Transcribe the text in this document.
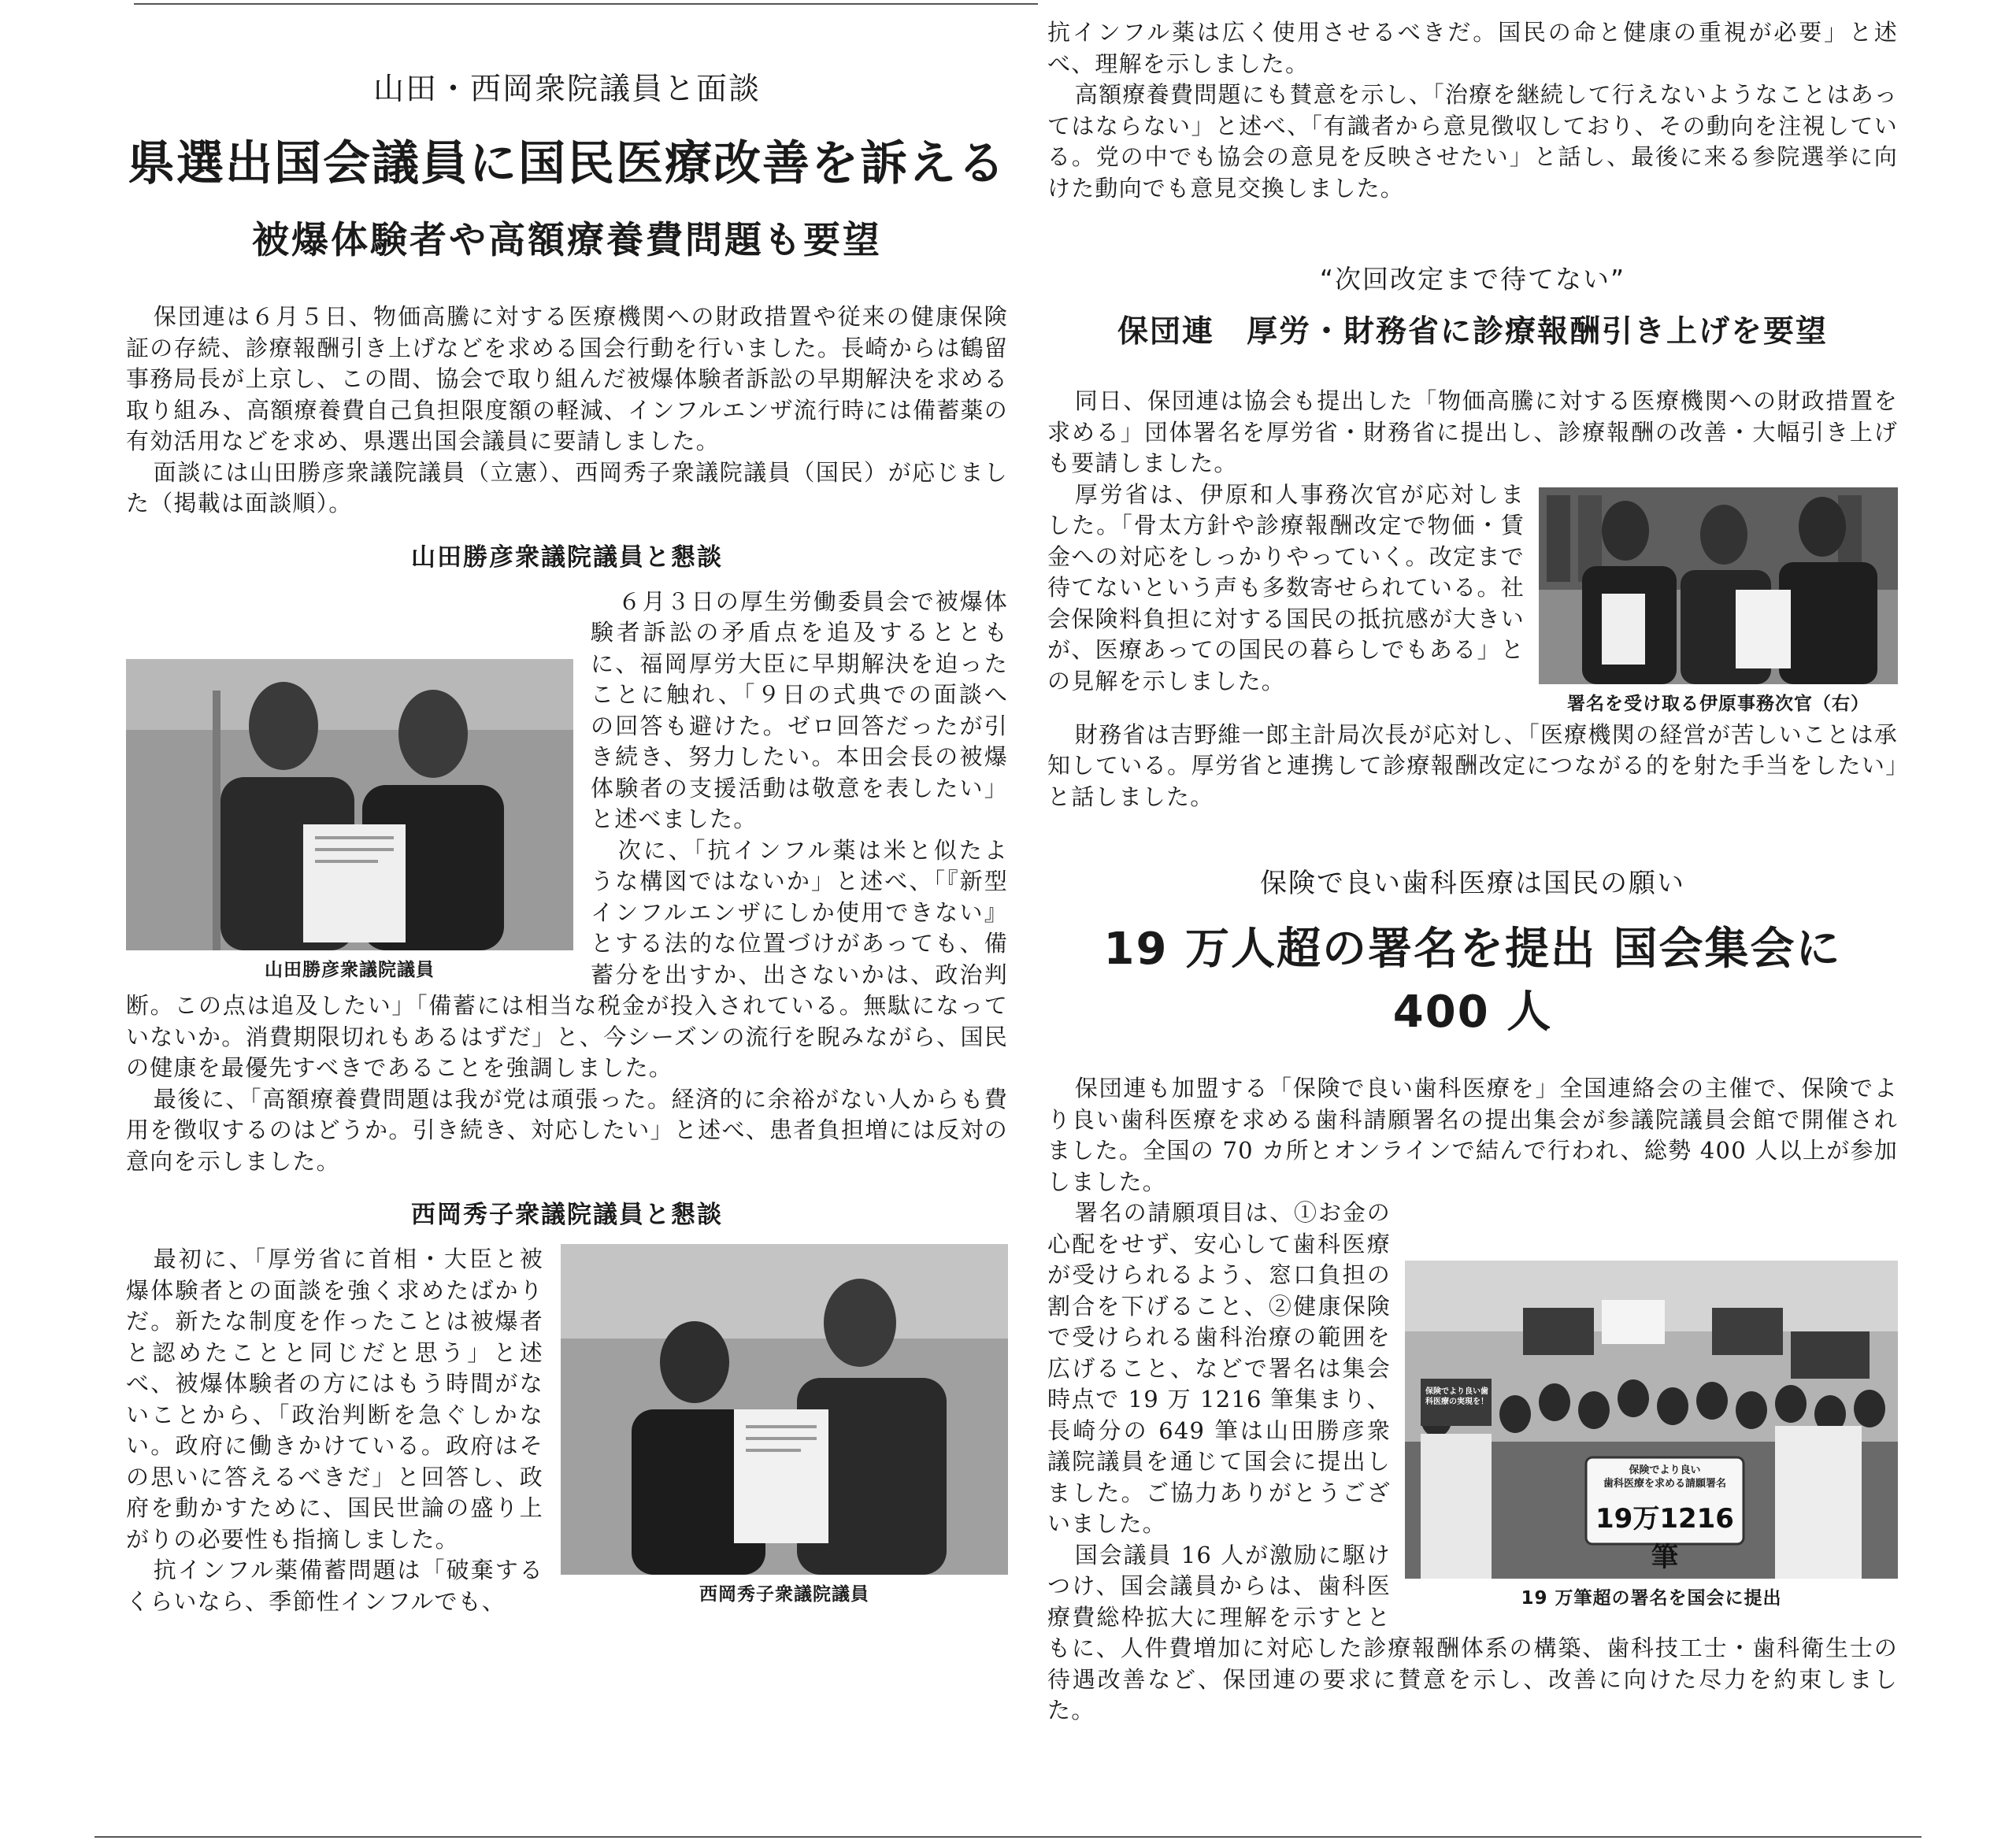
山田・西岡衆院議員と面談

県選出国会議員に国民医療改善を訴える

被爆体験者や高額療養費問題も要望

保団連は６月５日、物価高騰に対する医療機関への財政措置や従来の健康保険証の存続、診療報酬引き上げなどを求める国会行動を行いました。長崎からは鶴留事務局長が上京し、この間、協会で取り組んだ被爆体験者訴訟の早期解決を求める取り組み、高額療養費自己負担限度額の軽減、インフルエンザ流行時には備蓄薬の有効活用などを求め、県選出国会議員に要請しました。

面談には山田勝彦衆議院議員（立憲）、西岡秀子衆議院議員（国民）が応じました（掲載は面談順）。

山田勝彦衆議院議員と懇談

山田勝彦衆議院議員

６月３日の厚生労働委員会で被爆体験者訴訟の矛盾点を追及するとともに、福岡厚労大臣に早期解決を迫ったことに触れ、「９日の式典での面談への回答も避けた。ゼロ回答だったが引き続き、努力したい。本田会長の被爆体験者の支援活動は敬意を表したい」と述べました。

次に、「抗インフル薬は米と似たような構図ではないか」と述べ、「『新型インフルエンザにしか使用できない』とする法的な位置づけがあっても、備蓄分を出すか、出さないかは、政治判断。この点は追及したい」「備蓄には相当な税金が投入されている。無駄になっていないか。消費期限切れもあるはずだ」と、今シーズンの流行を睨みながら、国民の健康を最優先すべきであることを強調しました。

最後に、「高額療養費問題は我が党は頑張った。経済的に余裕がない人からも費用を徴収するのはどうか。引き続き、対応したい」と述べ、患者負担増には反対の意向を示しました。

西岡秀子衆議院議員と懇談

西岡秀子衆議院議員

最初に、「厚労省に首相・大臣と被爆体験者との面談を強く求めたばかりだ。新たな制度を作ったことは被爆者と認めたことと同じだと思う」と述べ、被爆体験者の方にはもう時間がないことから、「政治判断を急ぐしかない。政府に働きかけている。政府はその思いに答えるべきだ」と回答し、政府を動かすために、国民世論の盛り上がりの必要性も指摘しました。

抗インフル薬備蓄問題は「破棄するくらいなら、季節性インフルでも、

抗インフル薬は広く使用させるべきだ。国民の命と健康の重視が必要」と述べ、理解を示しました。

高額療養費問題にも賛意を示し、「治療を継続して行えないようなことはあってはならない」と述べ、「有識者から意見徴収しており、その動向を注視している。党の中でも協会の意見を反映させたい」と話し、最後に来る参院選挙に向けた動向でも意見交換しました。

“次回改定まで待てない”

保団連　厚労・財務省に診療報酬引き上げを要望

同日、保団連は協会も提出した「物価高騰に対する医療機関への財政措置を求める」団体署名を厚労省・財務省に提出し、診療報酬の改善・大幅引き上げも要請しました。

署名を受け取る伊原事務次官（右）

厚労省は、伊原和人事務次官が応対しました。「骨太方針や診療報酬改定で物価・賃金への対応をしっかりやっていく。改定まで待てないという声も多数寄せられている。社会保険料負担に対する国民の抵抗感が大きいが、医療あっての国民の暮らしでもある」との見解を示しました。

財務省は吉野維一郎主計局次長が応対し、「医療機関の経営が苦しいことは承知している。厚労省と連携して診療報酬改定につながる的を射た手当をしたい」と話しました。

保険で良い歯科医療は国民の願い

19 万人超の署名を提出 国会集会に 400 人

保団連も加盟する「保険で良い歯科医療を」全国連絡会の主催で、保険でより良い歯科医療を求める歯科請願署名の提出集会が参議院議員会館で開催されました。全国の 70 カ所とオンラインで結んで行われ、総勢 400 人以上が参加しました。

保険でより良い
歯科医療を求める請願署名
19万1216筆
保険でより良い歯科医療の実現を！
19 万筆超の署名を国会に提出

署名の請願項目は、①お金の心配をせず、安心して歯科医療が受けられるよう、窓口負担の割合を下げること、②健康保険で受けられる歯科治療の範囲を広げること、などで署名は集会時点で 19 万 1216 筆集まり、長崎分の 649 筆は山田勝彦衆議院議員を通じて国会に提出しました。ご協力ありがとうございました。

国会議員 16 人が激励に駆けつけ、国会議員からは、歯科医療費総枠拡大に理解を示すとともに、人件費増加に対応した診療報酬体系の構築、歯科技工士・歯科衛生士の待遇改善など、保団連の要求に賛意を示し、改善に向けた尽力を約束しました。
